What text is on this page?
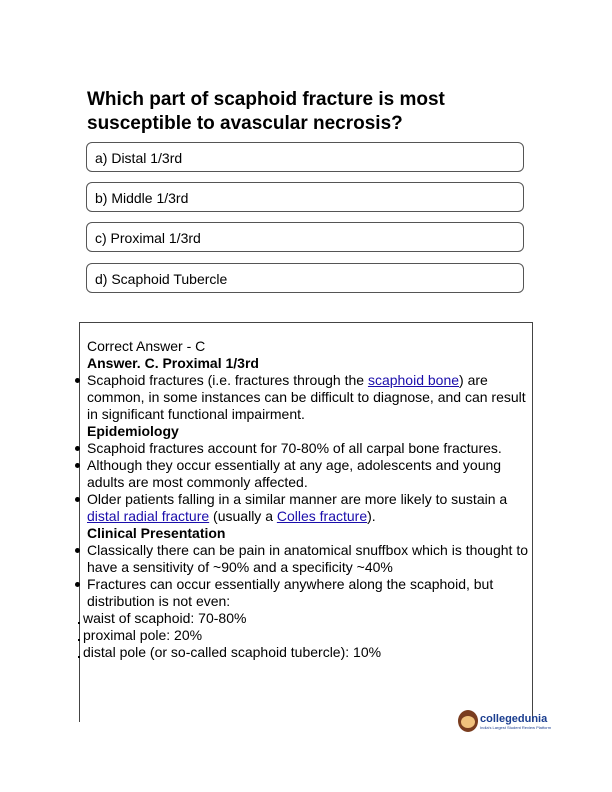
Which part of scaphoid fracture is most susceptible to avascular necrosis?
a) Distal 1/3rd
b) Middle 1/3rd
c) Proximal 1/3rd
d) Scaphoid Tubercle

Correct Answer - C

Answer. C. Proximal 1/3rd

Scaphoid fractures (i.e. fractures through the scaphoid bone) are common, in some instances can be difficult to diagnose, and can result in significant functional impairment.

Epidemiology

Scaphoid fractures account for 70-80% of all carpal bone fractures.
Although they occur essentially at any age, adolescents and young adults are most commonly affected.
Older patients falling in a similar manner are more likely to sustain a distal radial fracture (usually a Colles fracture).

Clinical Presentation

Classically there can be pain in anatomical snuffbox which is thought to have a sensitivity of ~90% and a specificity ~40%
Fractures can occur essentially anywhere along the scaphoid, but distribution is not even:
waist of scaphoid: 70-80%
proximal pole: 20%
distal pole (or so-called scaphoid tubercle): 10%
collegedunia
India's Largest Student Review Platform
